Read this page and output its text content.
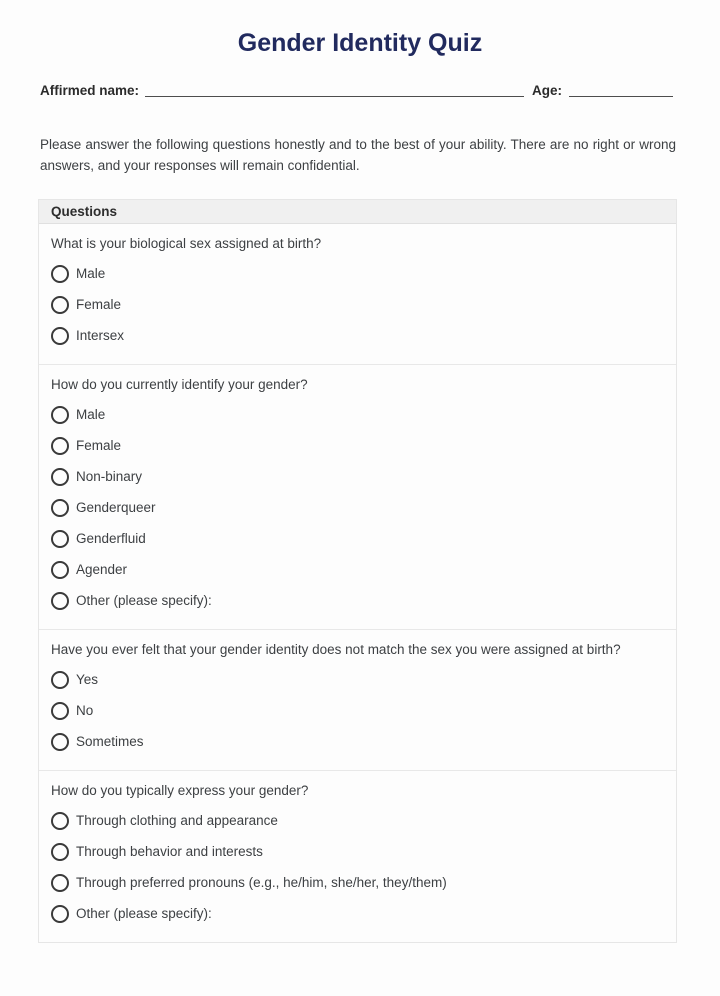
Gender Identity Quiz
Affirmed name:	Age:

Please answer the following questions honestly and to the best of your ability. There are no right or wrong answers, and your responses will remain confidential.

Questions
What is your biological sex assigned at birth?
Male
Female
Intersex
How do you currently identify your gender?
Male
Female
Non-binary
Genderqueer
Genderfluid
Agender
Other (please specify):
Have you ever felt that your gender identity does not match the sex you were assigned at birth?
Yes
No
Sometimes
How do you typically express your gender?
Through clothing and appearance
Through behavior and interests
Through preferred pronouns (e.g., he/him, she/her, they/them)
Other (please specify):
